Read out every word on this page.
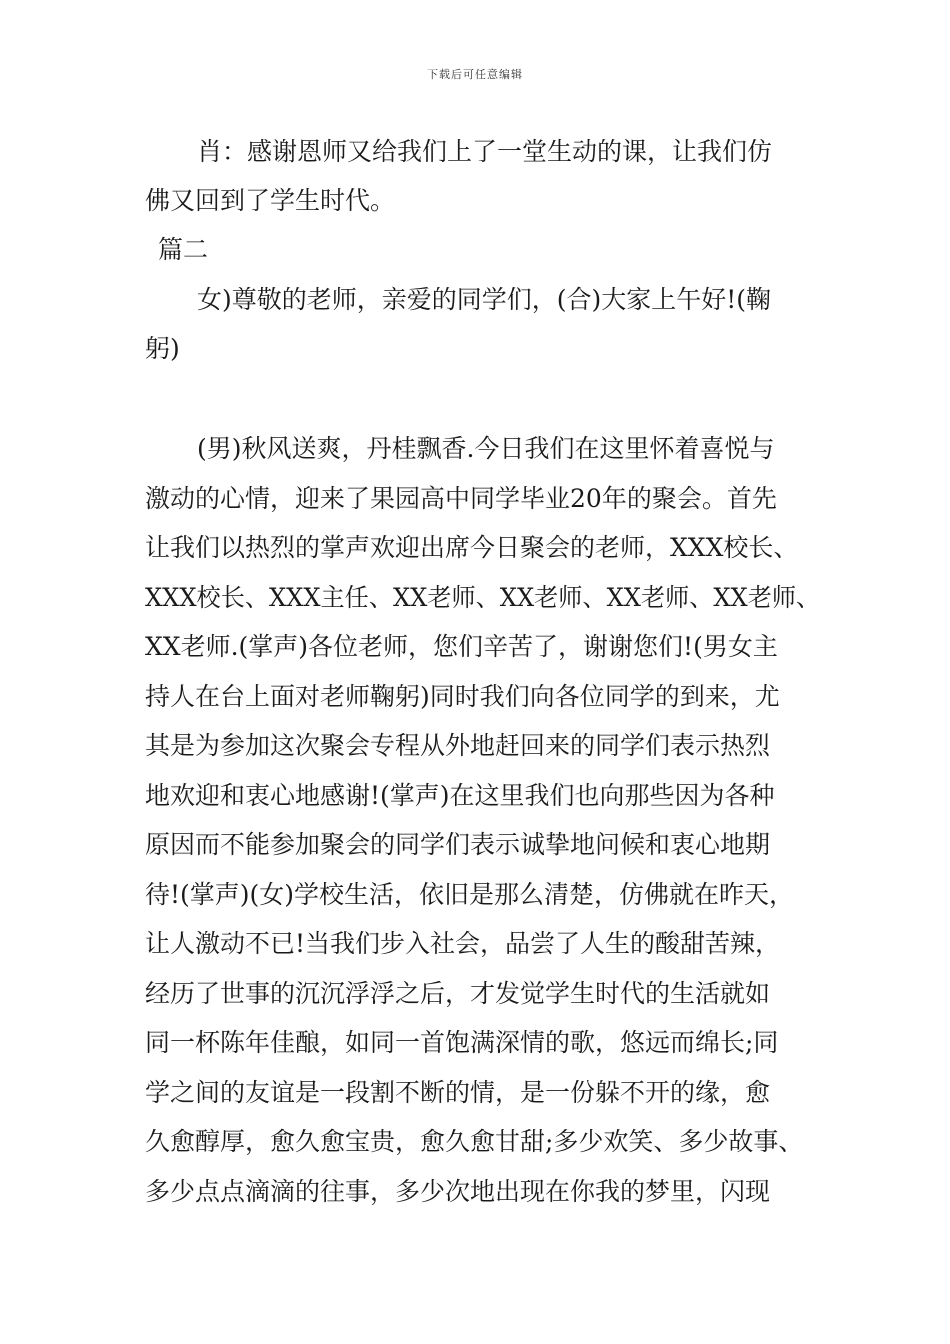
下载后可任意编辑
肖：感谢恩师又给我们上了一堂生动的课，让我们仿
佛又回到了学生时代。
篇二
女)尊敬的老师，亲爱的同学们，(合)大家上午好!(鞠
躬)
(男)秋风送爽，丹桂飘香.今日我们在这里怀着喜悦与
激动的心情，迎来了果园高中同学毕业20年的聚会。首先
让我们以热烈的掌声欢迎出席今日聚会的老师，XXX校长、
XXX校长、XXX主任、XX老师、XX老师、XX老师、XX老师、
XX老师.(掌声)各位老师，您们辛苦了，谢谢您们!(男女主
持人在台上面对老师鞠躬)同时我们向各位同学的到来，尤
其是为参加这次聚会专程从外地赶回来的同学们表示热烈
地欢迎和衷心地感谢!(掌声)在这里我们也向那些因为各种
原因而不能参加聚会的同学们表示诚挚地问候和衷心地期
待!(掌声)(女)学校生活，依旧是那么清楚，仿佛就在昨天，
让人激动不已!当我们步入社会，品尝了人生的酸甜苦辣，
经历了世事的沉沉浮浮之后，才发觉学生时代的生活就如
同一杯陈年佳酿，如同一首饱满深情的歌，悠远而绵长;同
学之间的友谊是一段割不断的情，是一份躲不开的缘，愈
久愈醇厚，愈久愈宝贵，愈久愈甘甜;多少欢笑、多少故事、
多少点点滴滴的往事，多少次地出现在你我的梦里，闪现
